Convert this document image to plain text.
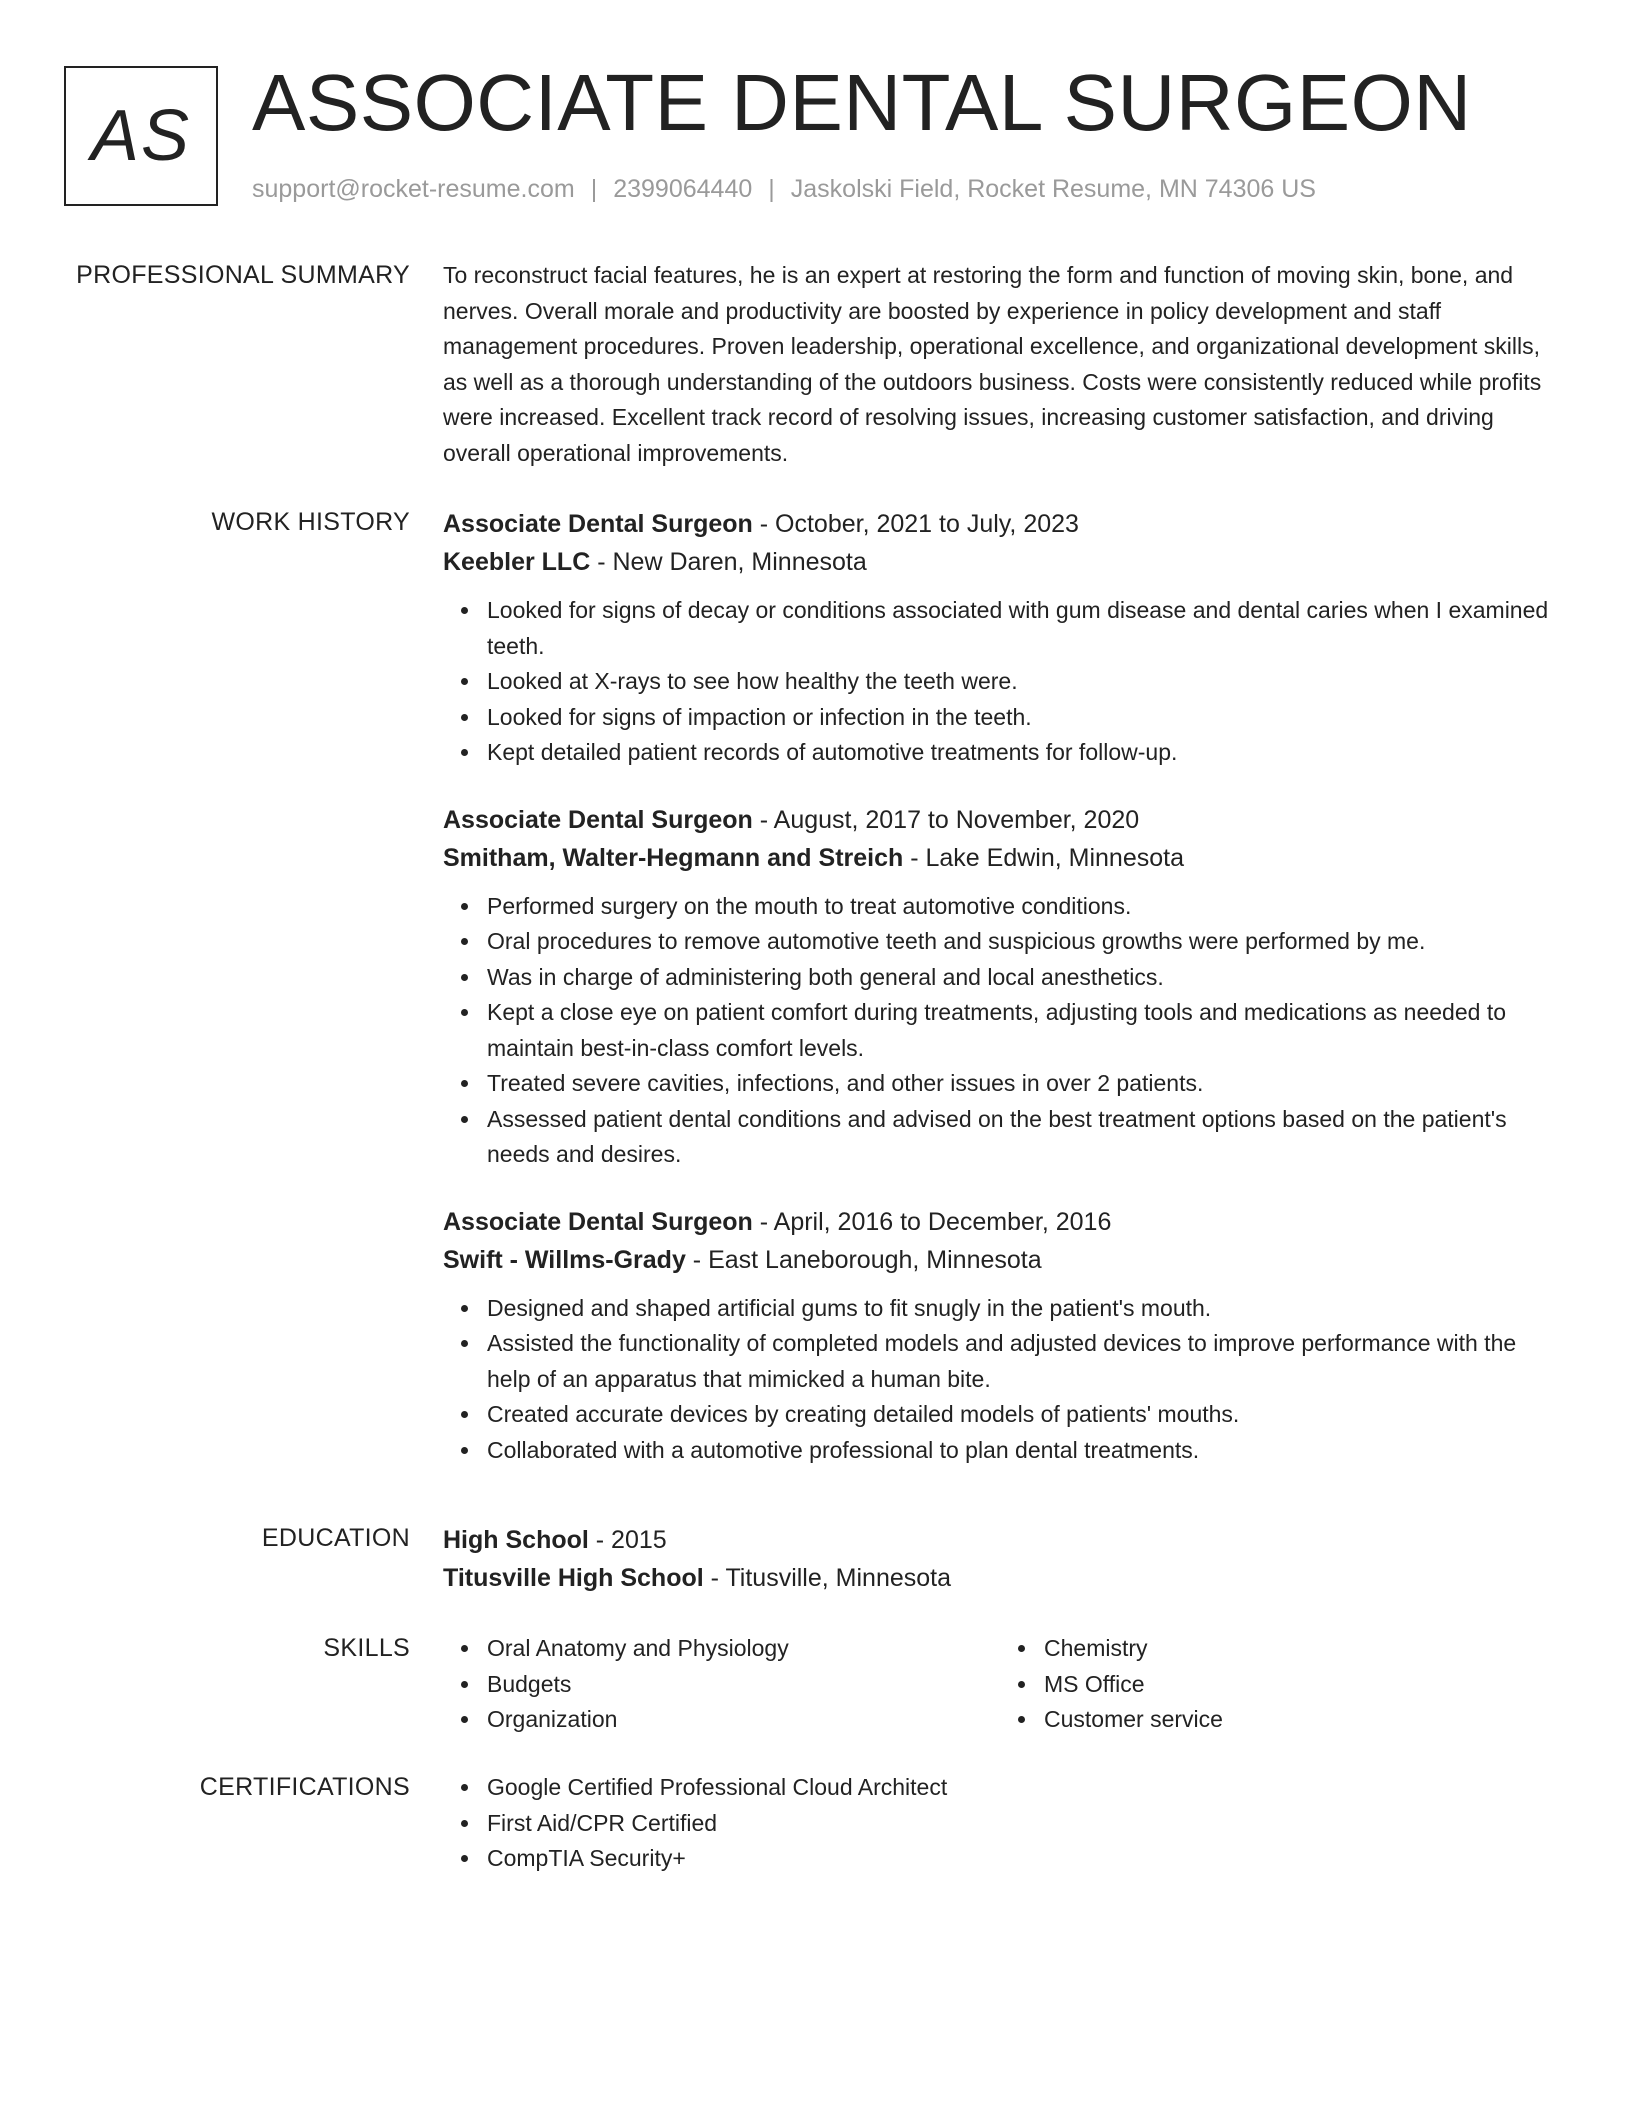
AS ASSOCIATE DENTAL SURGEON
support@rocket-resume.com | 2399064440 | Jaskolski Field, Rocket Resume, MN 74306 US
PROFESSIONAL SUMMARY To reconstruct facial features, he is an expert at restoring the form and function of moving skin, bone, and nerves. Overall morale and productivity are boosted by experience in policy development and staff management procedures. Proven leadership, operational excellence, and organizational development skills, as well as a thorough understanding of the outdoors business. Costs were consistently reduced while profits were increased. Excellent track record of resolving issues, increasing customer satisfaction, and driving overall operational improvements.

WORK HISTORY Associate Dental Surgeon - October, 2021 to July, 2023
Keebler LLC - New Daren, Minnesota
Looked for signs of decay or conditions associated with gum disease and dental caries when I examined teeth.
Looked at X-rays to see how healthy the teeth were.
Looked for signs of impaction or infection in the teeth.
Kept detailed patient records of automotive treatments for follow-up.
Associate Dental Surgeon - August, 2017 to November, 2020
Smitham, Walter-Hegmann and Streich - Lake Edwin, Minnesota
Performed surgery on the mouth to treat automotive conditions.
Oral procedures to remove automotive teeth and suspicious growths were performed by me.
Was in charge of administering both general and local anesthetics.
Kept a close eye on patient comfort during treatments, adjusting tools and medications as needed to maintain best-in-class comfort levels.
Treated severe cavities, infections, and other issues in over 2 patients.
Assessed patient dental conditions and advised on the best treatment options based on the patient's needs and desires.
Associate Dental Surgeon - April, 2016 to December, 2016
Swift - Willms-Grady - East Laneborough, Minnesota
Designed and shaped artificial gums to fit snugly in the patient's mouth.
Assisted the functionality of completed models and adjusted devices to improve performance with the help of an apparatus that mimicked a human bite.
Created accurate devices by creating detailed models of patients' mouths.
Collaborated with a automotive professional to plan dental treatments.
EDUCATION High School - 2015
Titusville High School - Titusville, Minnesota
SKILLS	Oral Anatomy and Physiology
Budgets
Organization
Chemistry
MS Office
Customer service
CERTIFICATIONS	Google Certified Professional Cloud Architect
First Aid/CPR Certified
CompTIA Security+
